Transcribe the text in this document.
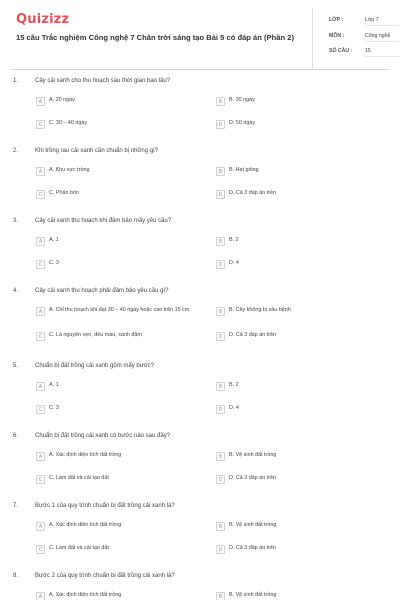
Quizizz
15 câu Trắc nghiệm Công nghệ 7 Chân trời sáng tạo Bài 5 có đáp án (Phần 2)
LỚP :	Lớp 7
MÔN :	Công nghệ
SỐ CÂU : 15
1.	Cây cải xanh cho thu hoạch sau thời gian bao lâu?
A	A. 20 ngày	B	B. 30 ngày
C	C. 30 – 40 ngày	D	D. 50 ngày
2.	Khi trồng rau cải xanh cần chuẩn bị những gì?
A	A. Khu vực trồng	B	B. Hạt giống
C	C. Phân bón	D	D. Cả 3 đáp án trên
3.	Cây cải xanh thu hoạch khi đảm bảo mấy yêu cầu?
A	A. 1	B	B. 2
C	C. 3	D	D. 4
4.	Cây cải xanh thu hoạch phải đảm bảo yêu cầu gì?
A	A. Chỉ thu hoạch khi đạt 30 – 40 ngày hoặc cao trên 15 cm	B	B. Cây không bị sâu bệnh
C	C. Lá nguyên vẹn, đều màu, xanh đậm	D	D. Cả 3 đáp án trên
5.	Chuẩn bị đất trồng cải xanh gồm mấy bước?
A	A. 1	B	B. 2
C	C. 3	D	D. 4
6.	Chuẩn bị đất trồng cải xanh có bước nào sau đây?
A	A. Xác định diện tích đất trồng	B	B. Vệ sinh đất trồng
C	C. Làm đất và cải tạo đất	D	D. Cả 3 đáp án trên
7.	Bước 1 của quy trình chuẩn bị đất trồng cải xanh là?
A	A. Xác định diện tích đất trồng	B	B. Vệ sinh đất trồng
C	C. Làm đất và cải tạo đất	D	D. Cả 3 đáp án trên
8.	Bước 2 của quy trình chuẩn bị đất trồng cải xanh là?
A	A. Xác định diện tích đất trồng	B	B. Vệ sinh đất trồng
